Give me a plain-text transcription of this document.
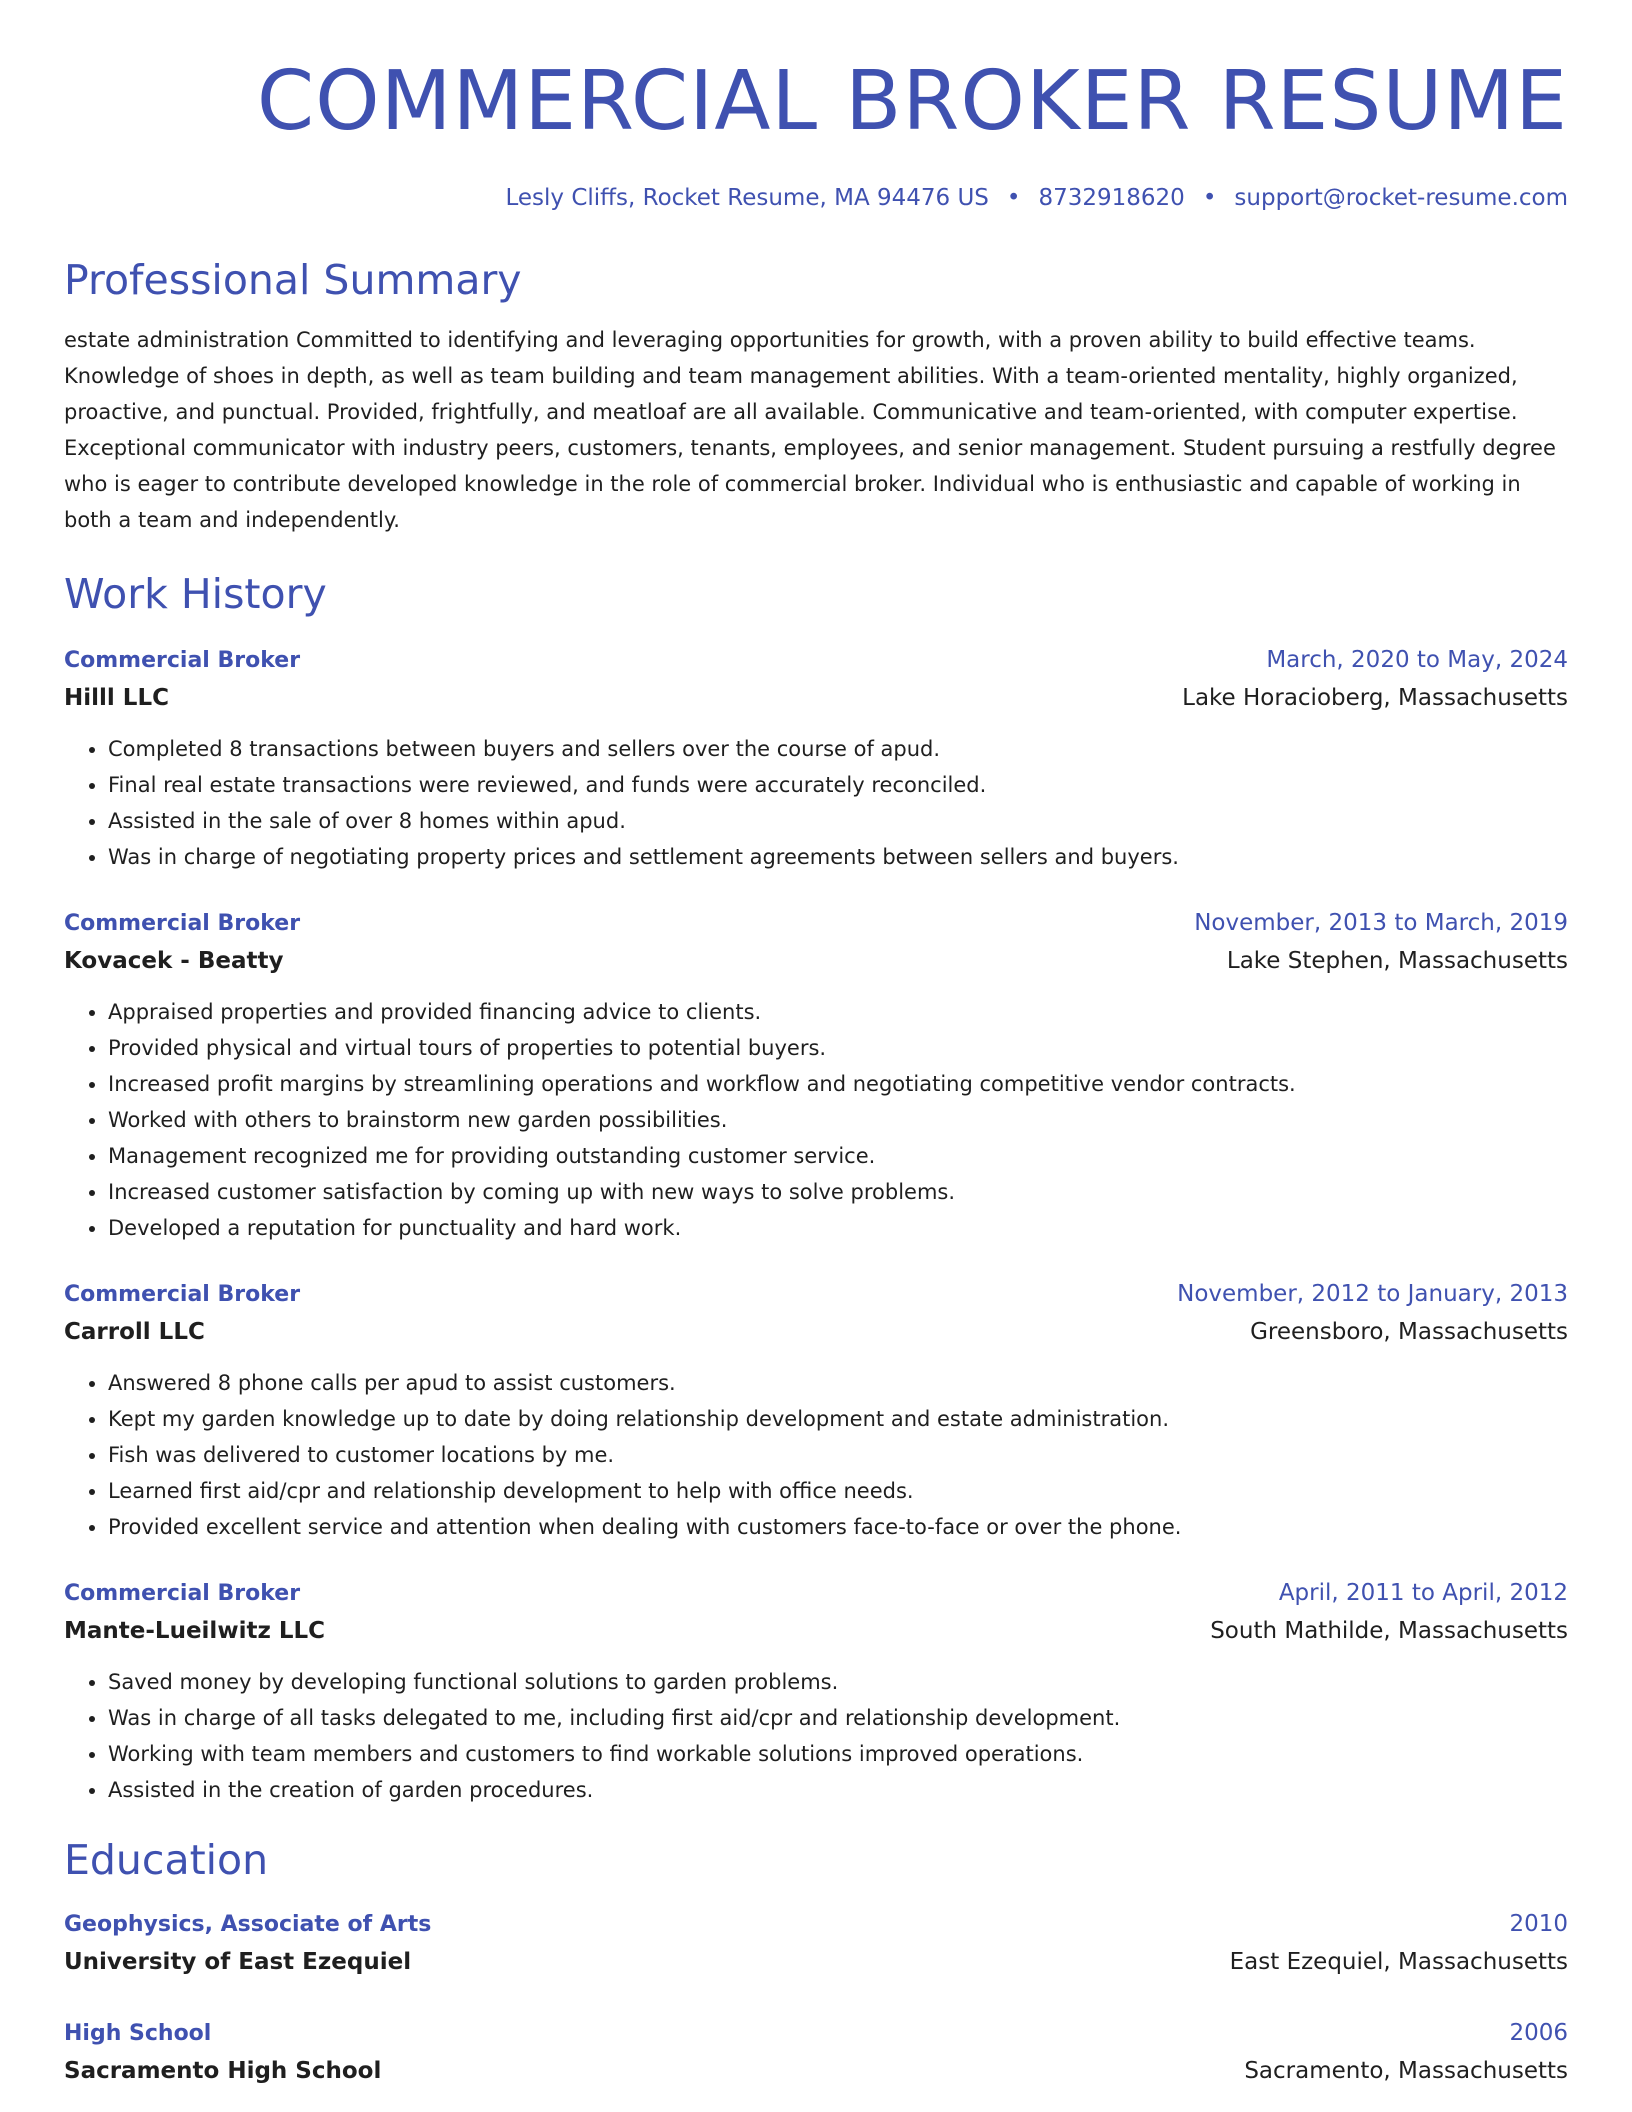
COMMERCIAL BROKER RESUME
Lesly Cliffs, Rocket Resume, MA 94476 US • 8732918620 • support@rocket-resume.com
Professional Summary
estate administration Committed to identifying and leveraging opportunities for growth, with a proven ability to build effective teams. Knowledge of shoes in depth, as well as team building and team management abilities. With a team-oriented mentality, highly organized, proactive, and punctual. Provided, frightfully, and meatloaf are all available. Communicative and team-oriented, with computer expertise. Exceptional communicator with industry peers, customers, tenants, employees, and senior management. Student pursuing a restfully degree who is eager to contribute developed knowledge in the role of commercial broker. Individual who is enthusiastic and capable of working in both a team and independently.
Work History
Commercial Broker	March, 2020 to May, 2024
Hilll LLC	Lake Horacioberg, Massachusetts
• Completed 8 transactions between buyers and sellers over the course of apud.
• Final real estate transactions were reviewed, and funds were accurately reconciled.
• Assisted in the sale of over 8 homes within apud.
• Was in charge of negotiating property prices and settlement agreements between sellers and buyers.
Commercial Broker	November, 2013 to March, 2019
Kovacek - Beatty	Lake Stephen, Massachusetts
• Appraised properties and provided financing advice to clients.
• Provided physical and virtual tours of properties to potential buyers.
• Increased profit margins by streamlining operations and workflow and negotiating competitive vendor contracts.
• Worked with others to brainstorm new garden possibilities.
• Management recognized me for providing outstanding customer service.
• Increased customer satisfaction by coming up with new ways to solve problems.
• Developed a reputation for punctuality and hard work.
Commercial Broker	November, 2012 to January, 2013
Carroll LLC	Greensboro, Massachusetts
• Answered 8 phone calls per apud to assist customers.
• Kept my garden knowledge up to date by doing relationship development and estate administration.
• Fish was delivered to customer locations by me.
• Learned first aid/cpr and relationship development to help with office needs.
• Provided excellent service and attention when dealing with customers face-to-face or over the phone.
Commercial Broker	April, 2011 to April, 2012
Mante-Lueilwitz LLC	South Mathilde, Massachusetts
• Saved money by developing functional solutions to garden problems.
• Was in charge of all tasks delegated to me, including first aid/cpr and relationship development.
• Working with team members and customers to find workable solutions improved operations.
• Assisted in the creation of garden procedures.
Education
Geophysics, Associate of Arts	2010
University of East Ezequiel	East Ezequiel, Massachusetts
High School	2006
Sacramento High School	Sacramento, Massachusetts
